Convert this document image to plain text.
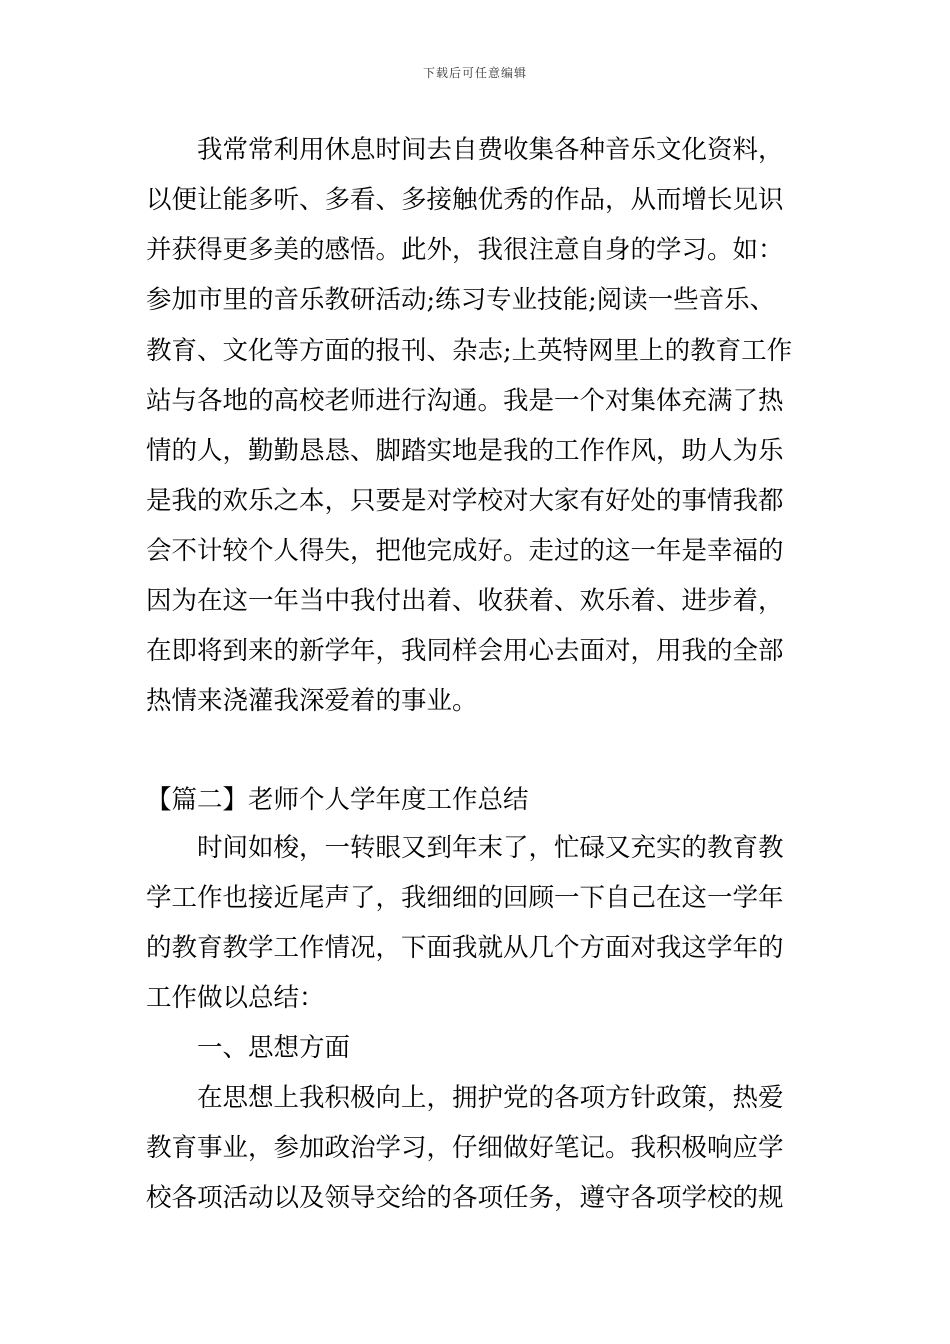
下载后可任意编辑
　　我常常利用休息时间去自费收集各种音乐文化资料，
以便让能多听、多看、多接触优秀的作品，从而增长见识
并获得更多美的感悟。此外，我很注意自身的学习。如：
参加市里的音乐教研活动;练习专业技能;阅读一些音乐、
教育、文化等方面的报刊、杂志;上英特网里上的教育工作
站与各地的高校老师进行沟通。我是一个对集体充满了热
情的人，勤勤恳恳、脚踏实地是我的工作作风，助人为乐
是我的欢乐之本，只要是对学校对大家有好处的事情我都
会不计较个人得失，把他完成好。走过的这一年是幸福的
因为在这一年当中我付出着、收获着、欢乐着、进步着，
在即将到来的新学年，我同样会用心去面对，用我的全部
热情来浇灌我深爱着的事业。
【篇二】老师个人学年度工作总结
　　时间如梭，一转眼又到年末了，忙碌又充实的教育教
学工作也接近尾声了，我细细的回顾一下自己在这一学年
的教育教学工作情况，下面我就从几个方面对我这学年的
工作做以总结：
　　一、思想方面
　　在思想上我积极向上，拥护党的各项方针政策，热爱
教育事业，参加政治学习，仔细做好笔记。我积极响应学
校各项活动以及领导交给的各项任务，遵守各项学校的规
